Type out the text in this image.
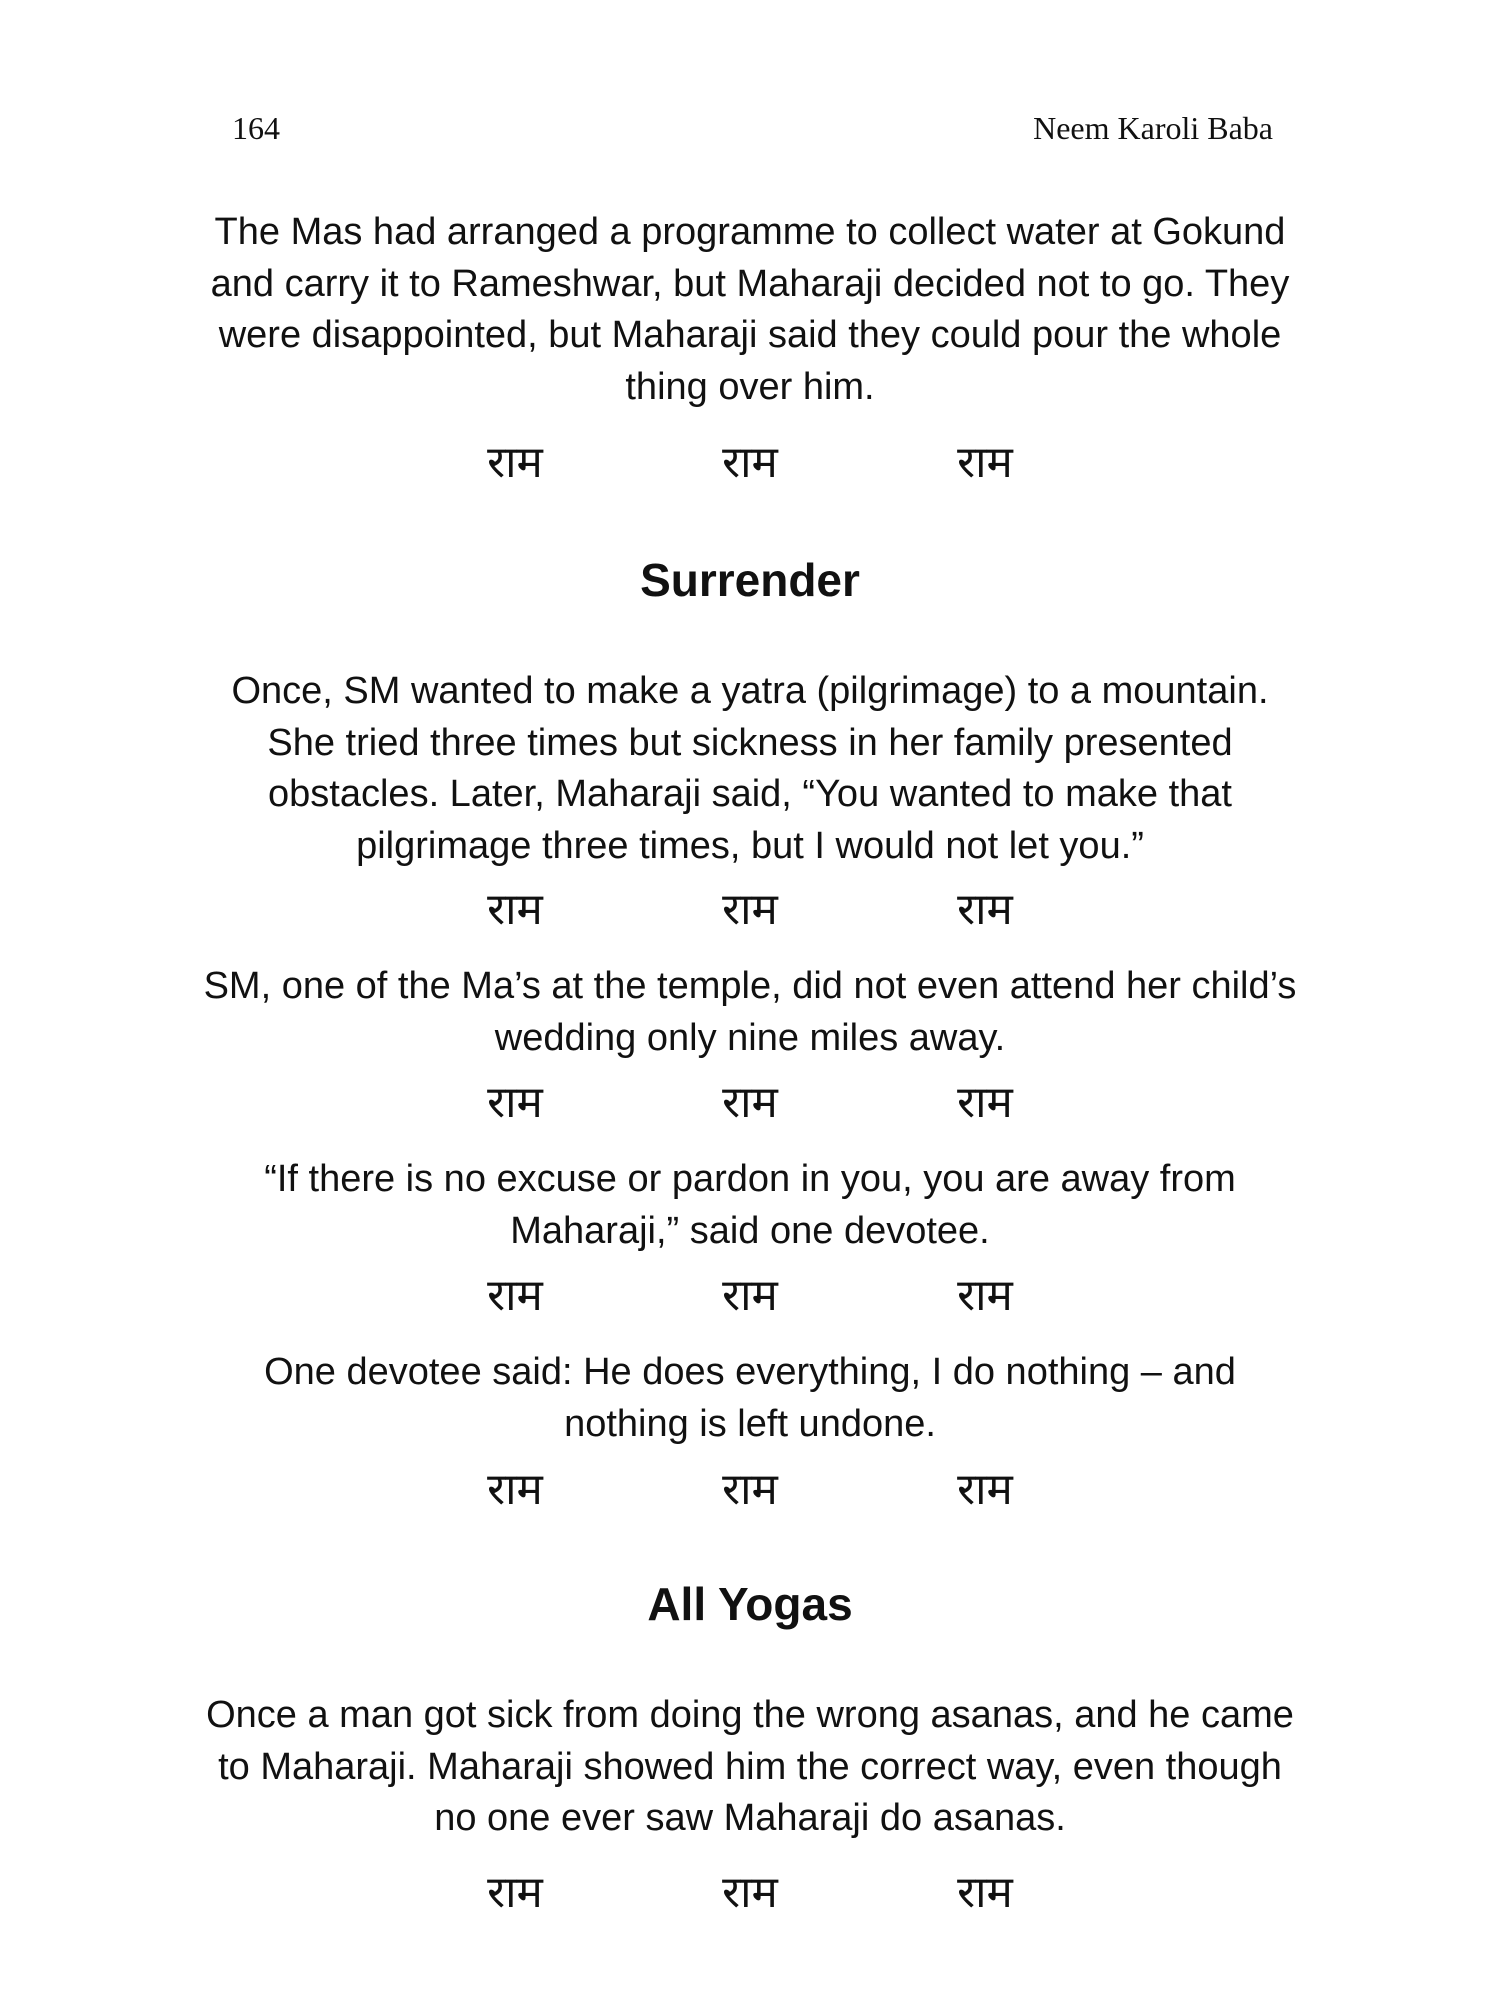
164	Neem Karoli Baba
The Mas had arranged a programme to collect water at Gokund and carry it to Rameshwar, but Maharaji decided not to go. They were disappointed, but Maharaji said they could pour the whole thing over him.
राम	राम	राम
Surrender
Once, SM wanted to make a yatra (pilgrimage) to a mountain. She tried three times but sickness in her family presented obstacles. Later, Maharaji said, “You wanted to make that pilgrimage three times, but I would not let you.”
राम	राम	राम
SM, one of the Ma’s at the temple, did not even attend her child’s wedding only nine miles away.
राम	राम	राम
“If there is no excuse or pardon in you, you are away from Maharaji,” said one devotee.
राम	राम	राम
One devotee said: He does everything, I do nothing – and nothing is left undone.
राम	राम	राम
All Yogas
Once a man got sick from doing the wrong asanas, and he came to Maharaji. Maharaji showed him the correct way, even though no one ever saw Maharaji do asanas.
राम	राम	राम
